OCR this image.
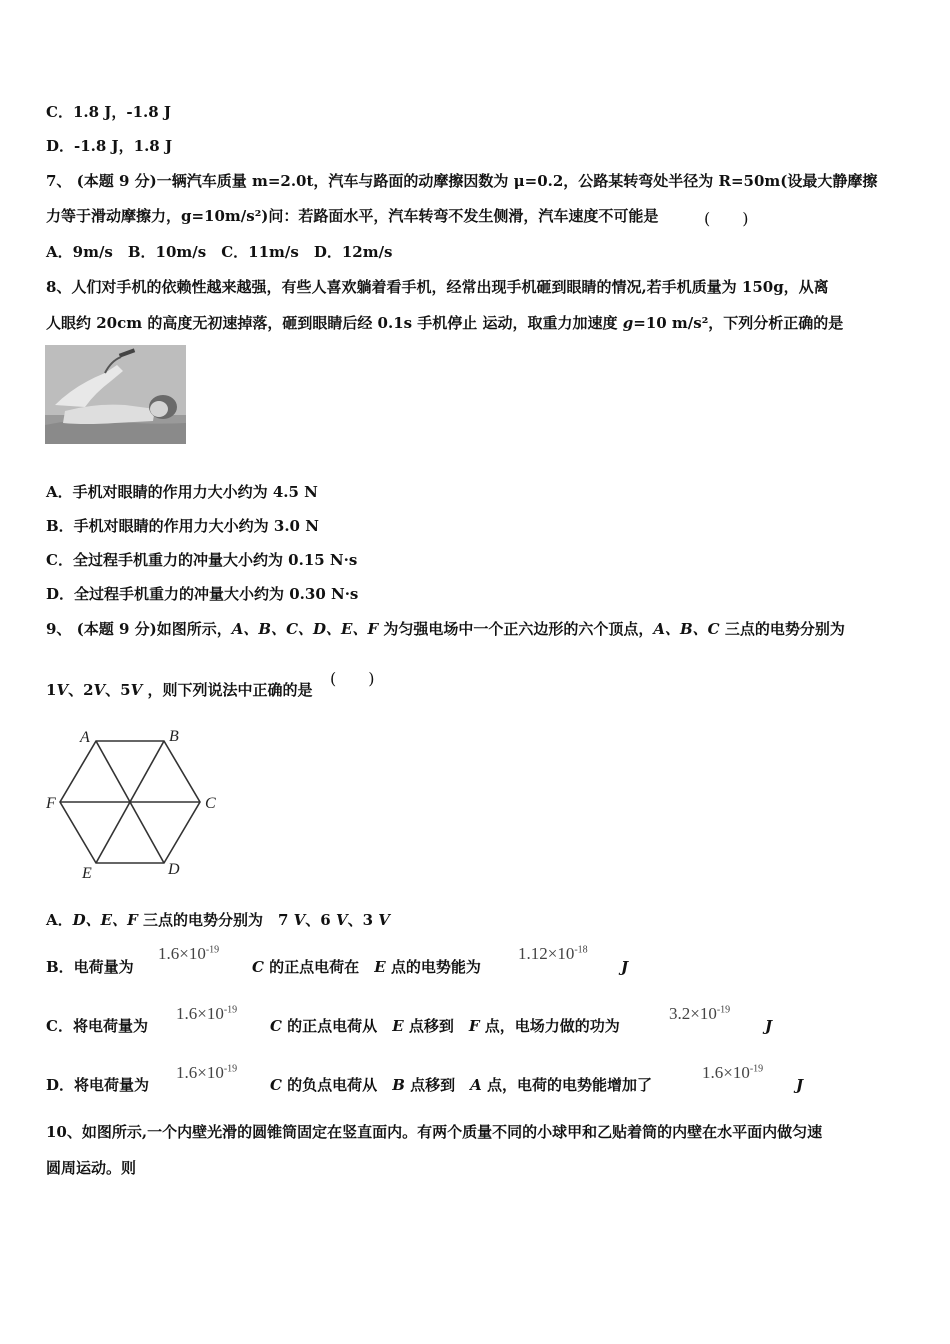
C．1.8 J，-1.8 J
D．-1.8 J，1.8 J
7、 (本题 9 分)一辆汽车质量 m=2.0t，汽车与路面的动摩擦因数为 μ=0.2，公路某转弯处半径为 R=50m(设最大静摩擦
力等于滑动摩擦力，g=10m/s²)问：若路面水平，汽车转弯不发生侧滑，汽车速度不可能是	(　　)
A．9m/s　B．10m/s　C．11m/s　D．12m/s
8、人们对手机的依赖性越来越强，有些人喜欢躺着看手机，经常出现手机砸到眼睛的情况,若手机质量为 150g，从离
人眼约 20cm 的高度无初速掉落，砸到眼睛后经 0.1s 手机停止 运动，取重力加速度 g=10 m/s²，下列分析正确的是
A．手机对眼睛的作用力大小约为 4.5 N
B．手机对眼睛的作用力大小约为 3.0 N
C．全过程手机重力的冲量大小约为 0.15 N·s
D．全过程手机重力的冲量大小约为 0.30 N·s
9、 (本题 9 分)如图所示，A、B、C、D、E、F 为匀强电场中一个正六边形的六个顶点，A、B、C 三点的电势分别为
1V、2V、5V ，则下列说法中正确的是
(　　)
A	B
C
D
E
F
A．D、E、F 三点的电势分别为　7 V、6 V、3 V
B．电荷量为
$1.6\times 10^{-19}$
C 的正点电荷在　E 点的电势能为
$1.12\times 10^{-18}$
J
C．将电荷量为
$1.6\times 10^{-19}$
C 的正点电荷从　E 点移到　F 点，电场力做的功为
$3.2\times 10^{-19}$
J
D．将电荷量为
$1.6\times 10^{-19}$
C 的负点电荷从　B 点移到　A 点，电荷的电势能增加了
$1.6\times 10^{-19}$
J
10、如图所示,一个内壁光滑的圆锥筒固定在竖直面内。有两个质量不同的小球甲和乙贴着筒的内壁在水平面内做匀速
圆周运动。则
